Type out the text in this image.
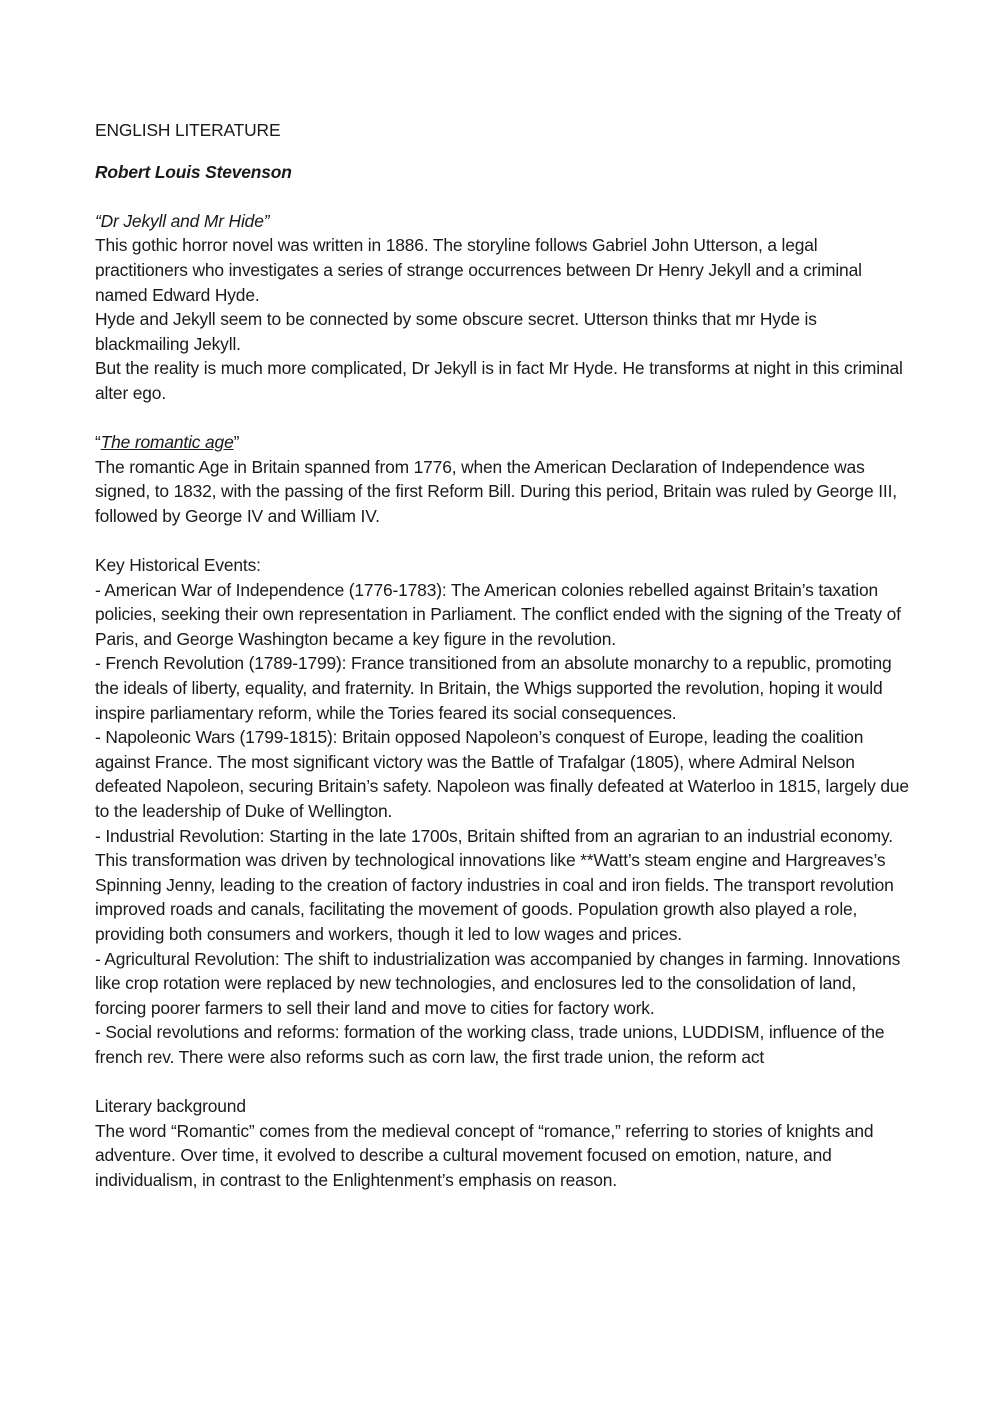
ENGLISH LITERATURE

Robert Louis Stevenson

“Dr Jekyll and Mr Hide”

This gothic horror novel was written in 1886. The storyline follows Gabriel John Utterson, a legal practitioners who investigates a series of strange occurrences between Dr Henry Jekyll and a criminal named Edward Hyde.

Hyde and Jekyll seem to be connected by some obscure secret. Utterson thinks that mr Hyde is blackmailing Jekyll.

But the reality is much more complicated, Dr Jekyll is in fact Mr Hyde. He transforms at night in this criminal alter ego.

“The romantic age”

The romantic Age in Britain spanned from 1776, when the American Declaration of Independence was signed, to 1832, with the passing of the first Reform Bill. During this period, Britain was ruled by George III, followed by George IV and William IV.

Key Historical Events:

- American War of Independence (1776-1783): The American colonies rebelled against Britain’s taxation policies, seeking their own representation in Parliament. The conflict ended with the signing of the Treaty of Paris, and George Washington became a key figure in the revolution.

- French Revolution (1789-1799): France transitioned from an absolute monarchy to a republic, promoting the ideals of liberty, equality, and fraternity. In Britain, the Whigs supported the revolution, hoping it would inspire parliamentary reform, while the Tories feared its social consequences.

- Napoleonic Wars (1799-1815): Britain opposed Napoleon’s conquest of Europe, leading the coalition against France. The most significant victory was the Battle of Trafalgar (1805), where Admiral Nelson defeated Napoleon, securing Britain’s safety. Napoleon was finally defeated at Waterloo in 1815, largely due to the leadership of Duke of Wellington.

- Industrial Revolution: Starting in the late 1700s, Britain shifted from an agrarian to an industrial economy. This transformation was driven by technological innovations like **Watt’s steam engine and Hargreaves’s Spinning Jenny, leading to the creation of factory industries in coal and iron fields. The transport revolution improved roads and canals, facilitating the movement of goods. Population growth also played a role, providing both consumers and workers, though it led to low wages and prices.

- Agricultural Revolution: The shift to industrialization was accompanied by changes in farming. Innovations like crop rotation were replaced by new technologies, and enclosures led to the consolidation of land, forcing poorer farmers to sell their land and move to cities for factory work.

- Social revolutions and reforms: formation of the working class, trade unions, LUDDISM, influence of the french rev. There were also reforms such as corn law, the first trade union, the reform act

Literary background

The word “Romantic” comes from the medieval concept of “romance,” referring to stories of knights and adventure. Over time, it evolved to describe a cultural movement focused on emotion, nature, and individualism, in contrast to the Enlightenment’s emphasis on reason.
